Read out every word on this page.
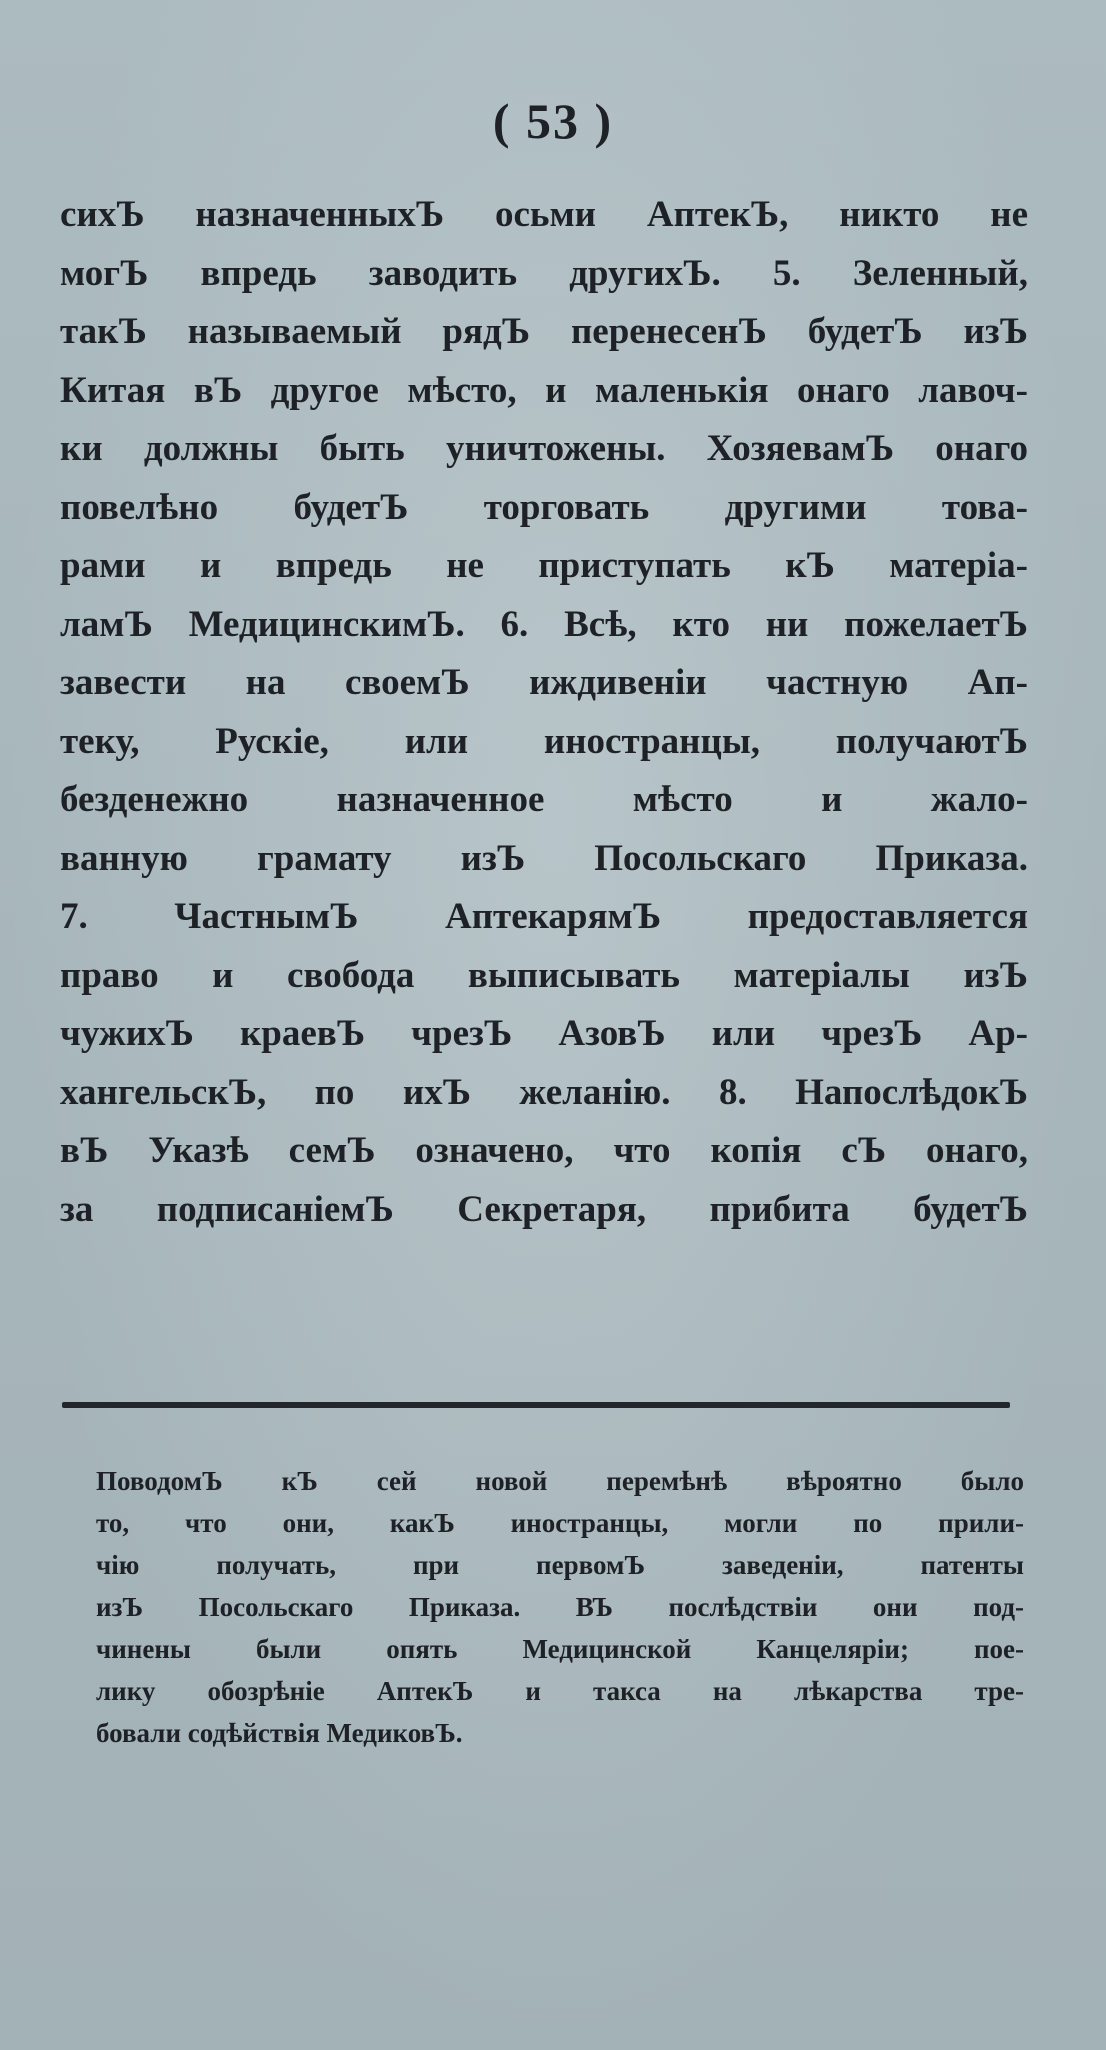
( 53 )
сихЪ назначенныхЪ осьми АптекЪ, никто не
могЪ впредь заводить другихЪ. 5. Зеленный,
такЪ называемый рядЪ перенесенЪ будетЪ изЪ
Китая вЪ другое мѣсто, и маленькія онаго лавоч-
ки должны быть уничтожены. ХозяевамЪ онаго
повелѣно будетЪ торговать другими това-
рами и впредь не приступать кЪ матеріа-
ламЪ МедицинскимЪ. 6. Всѣ, кто ни пожелаетЪ
завести на своемЪ иждивеніи частную Ап-
теку, Рускіе, или иностранцы, получаютЪ
безденежно назначенное мѣсто и жало-
ванную грамату изЪ Посольскаго Приказа.
7. ЧастнымЪ АптекарямЪ предоставляется
право и свобода выписывать матеріалы изЪ
чужихЪ краевЪ чрезЪ АзовЪ или чрезЪ Ар-
хангельскЪ, по ихЪ желанію. 8. НапослѣдокЪ
вЪ Указѣ семЪ означено, что копія сЪ онаго,
за подписаніемЪ Секретаря, прибита будетЪ
ПоводомЪ кЪ сей новой перемѣнѣ вѣроятно было
то, что они, какЪ иностранцы, могли по прили-
чію получать, при первомЪ заведеніи, патенты
изЪ Посольскаго Приказа. ВЪ послѣдствіи они под-
чинены были опять Медицинской Канцеляріи; пое-
лику обозрѣніе АптекЪ и такса на лѣкарства тре-
бовали содѣйствія МедиковЪ.
